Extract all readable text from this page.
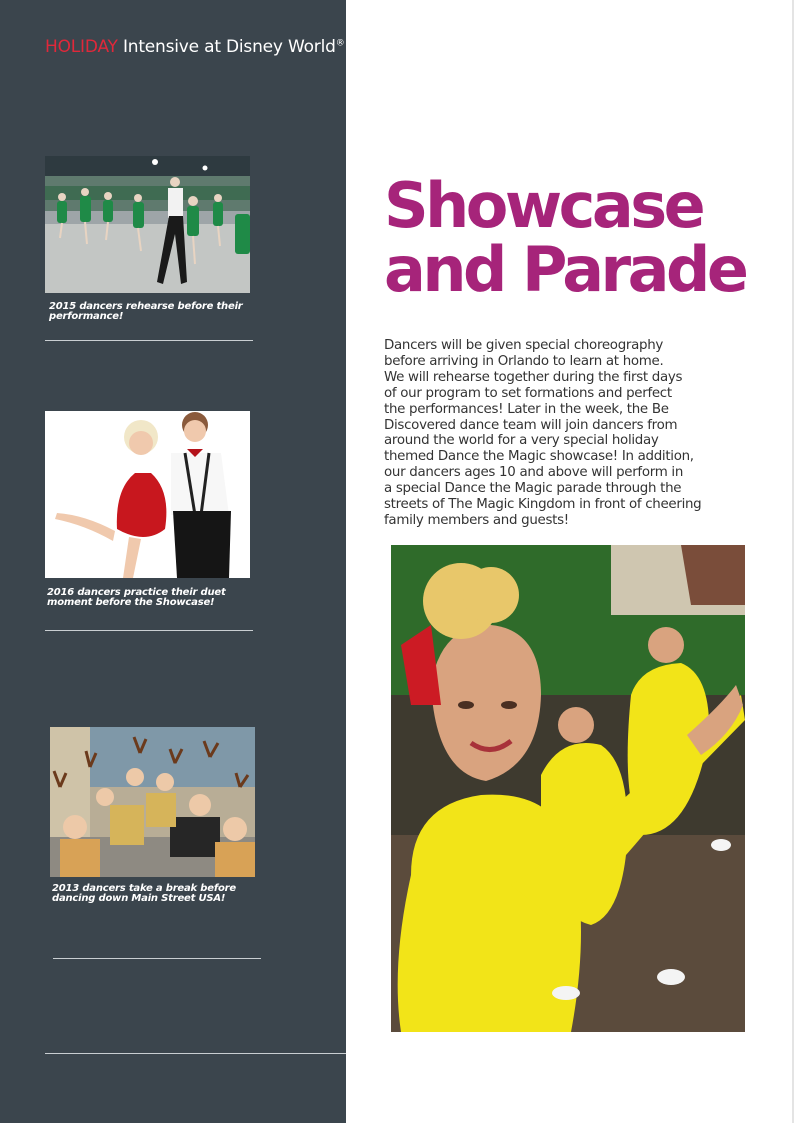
HOLIDAY Intensive at Disney World®
2015 dancers rehearse before their performance!
2016 dancers practice their duet moment before the Showcase!
2013 dancers take a break before dancing down Main Street USA!
Showcase
and Parade

Dancers will be given special choreography
before arriving in Orlando to learn at home.
We will rehearse together during the first days
of our program to set formations and perfect
the performances! Later in the week, the Be
Discovered dance team will join dancers from
around the world for a very special holiday
themed Dance the Magic showcase! In addition,
our dancers ages 10 and above will perform in
a special Dance the Magic parade through the
streets of The Magic Kingdom in front of cheering
family members and guests!
